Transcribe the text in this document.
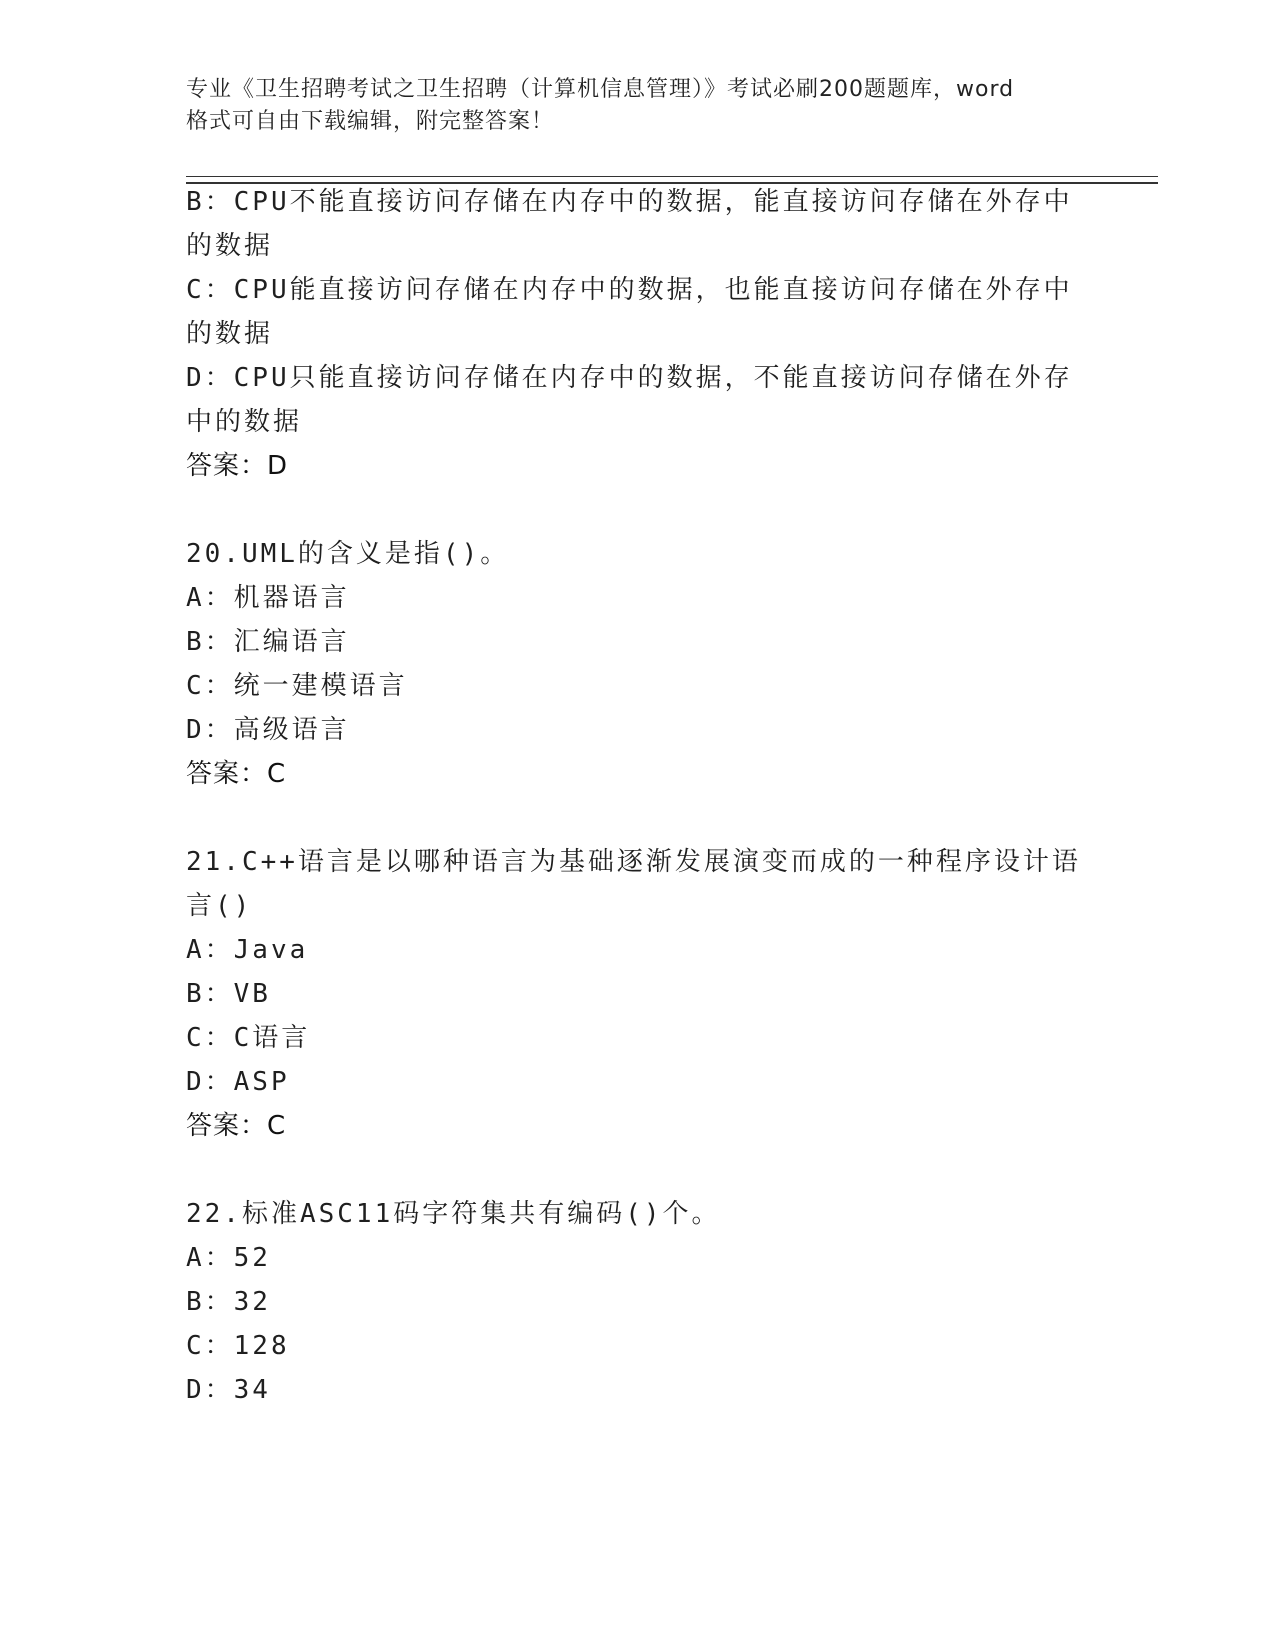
专业《卫生招聘考试之卫生招聘（计算机信息管理）》考试必刷200题题库，word
格式可自由下载编辑，附完整答案！
B：CPU不能直接访问存储在内存中的数据，能直接访问存储在外存中
的数据
C：CPU能直接访问存储在内存中的数据，也能直接访问存储在外存中
的数据
D：CPU只能直接访问存储在内存中的数据，不能直接访问存储在外存
中的数据
答案：D
20.UML的含义是指()。
A：机器语言
B：汇编语言
C：统一建模语言
D：高级语言
答案：C
21.C++语言是以哪种语言为基础逐渐发展演变而成的一种程序设计语
言()
A：Java
B：VB
C：C语言
D：ASP
答案：C
22.标准ASC11码字符集共有编码()个。
A：52
B：32
C：128
D：34
